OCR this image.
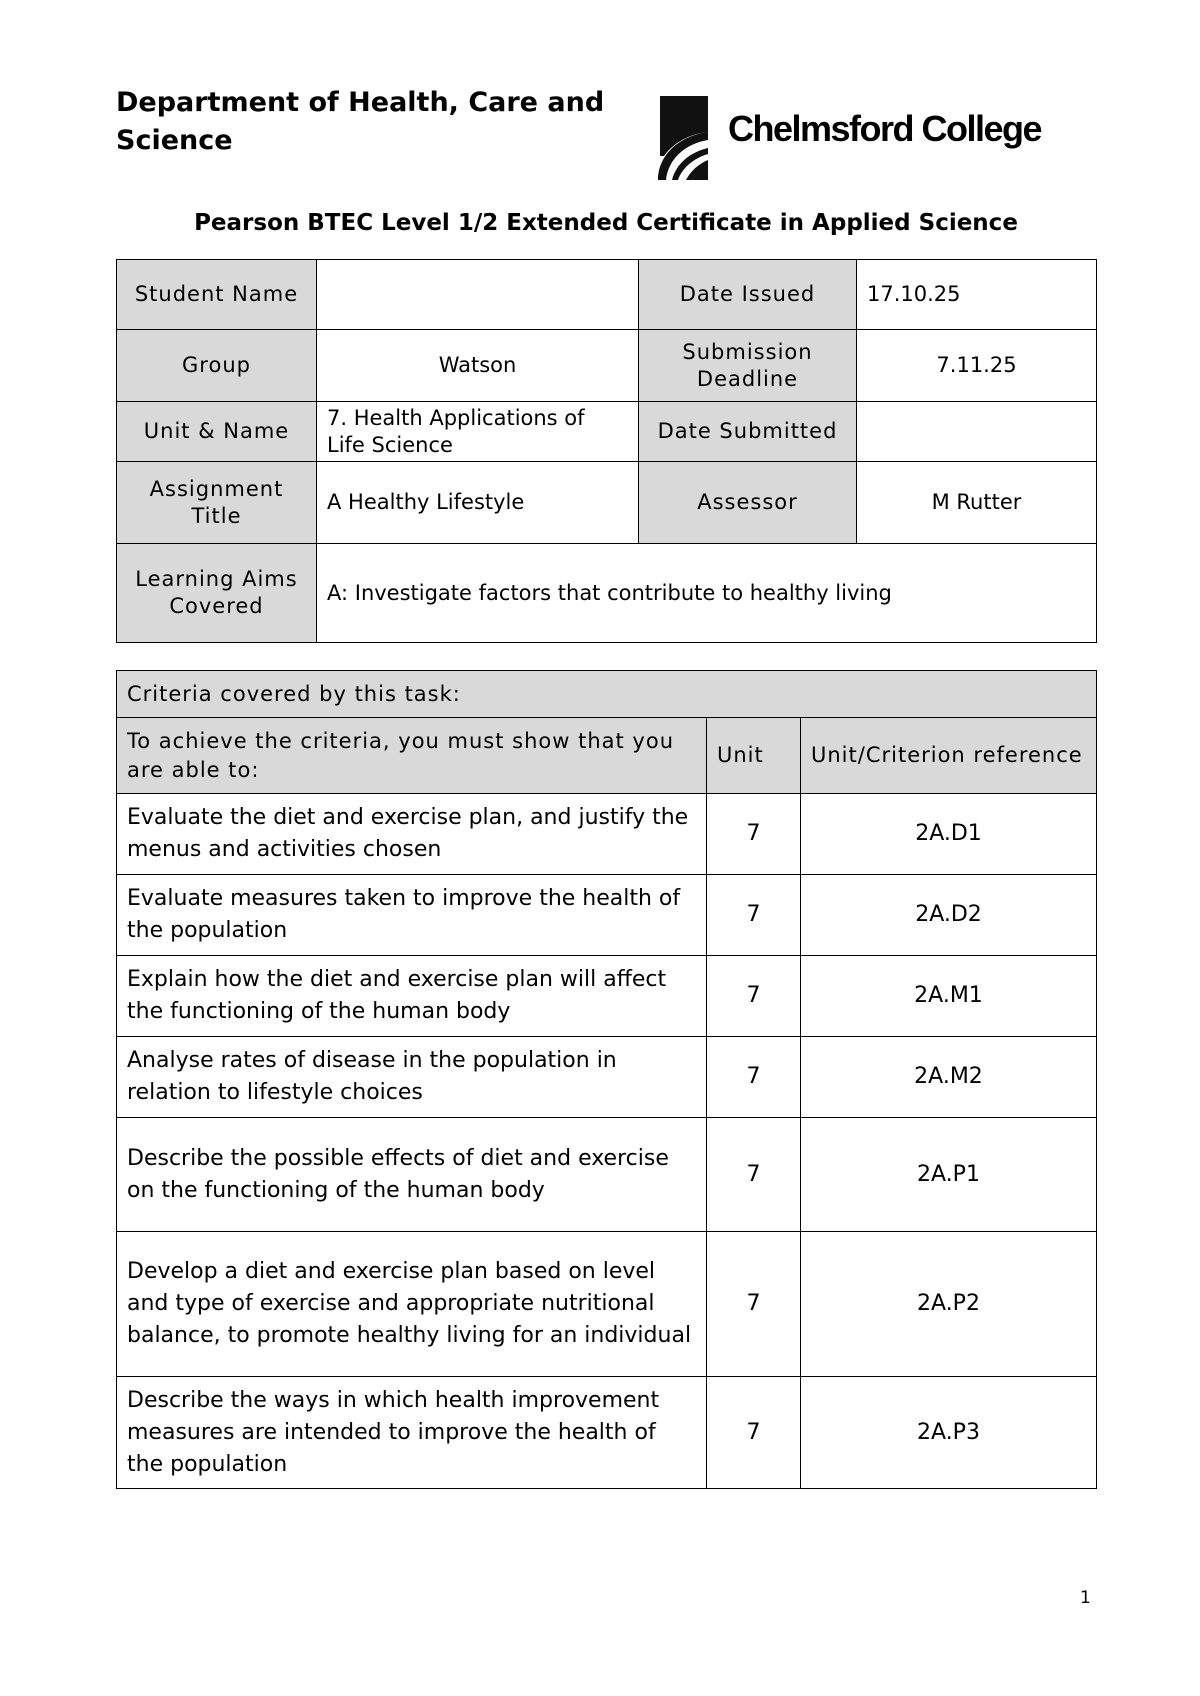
Department of Health, Care and Science	Chelmsford College
Pearson BTEC Level 1/2 Extended Certificate in Applied Science
Student Name		Date Issued	17.10.25
Group	Watson	Submission Deadline	7.11.25
Unit & Name	7. Health Applications of Life Science	Date Submitted	
Assignment Title	A Healthy Lifestyle	Assessor	M Rutter
Learning Aims Covered	A: Investigate factors that contribute to healthy living		
Criteria covered by this task:		
To achieve the criteria, you must show that you are able to:	Unit	Unit/Criterion reference
Evaluate the diet and exercise plan, and justify the menus and activities chosen	7	2A.D1
Evaluate measures taken to improve the health of the population	7	2A.D2
Explain how the diet and exercise plan will affect the functioning of the human body	7	2A.M1
Analyse rates of disease in the population in relation to lifestyle choices	7	2A.M2
Describe the possible effects of diet and exercise on the functioning of the human body	7	2A.P1
Develop a diet and exercise plan based on level and type of exercise and appropriate nutritional balance, to promote healthy living for an individual	7	2A.P2
Describe the ways in which health improvement measures are intended to improve the health of the population	7	2A.P3
1
